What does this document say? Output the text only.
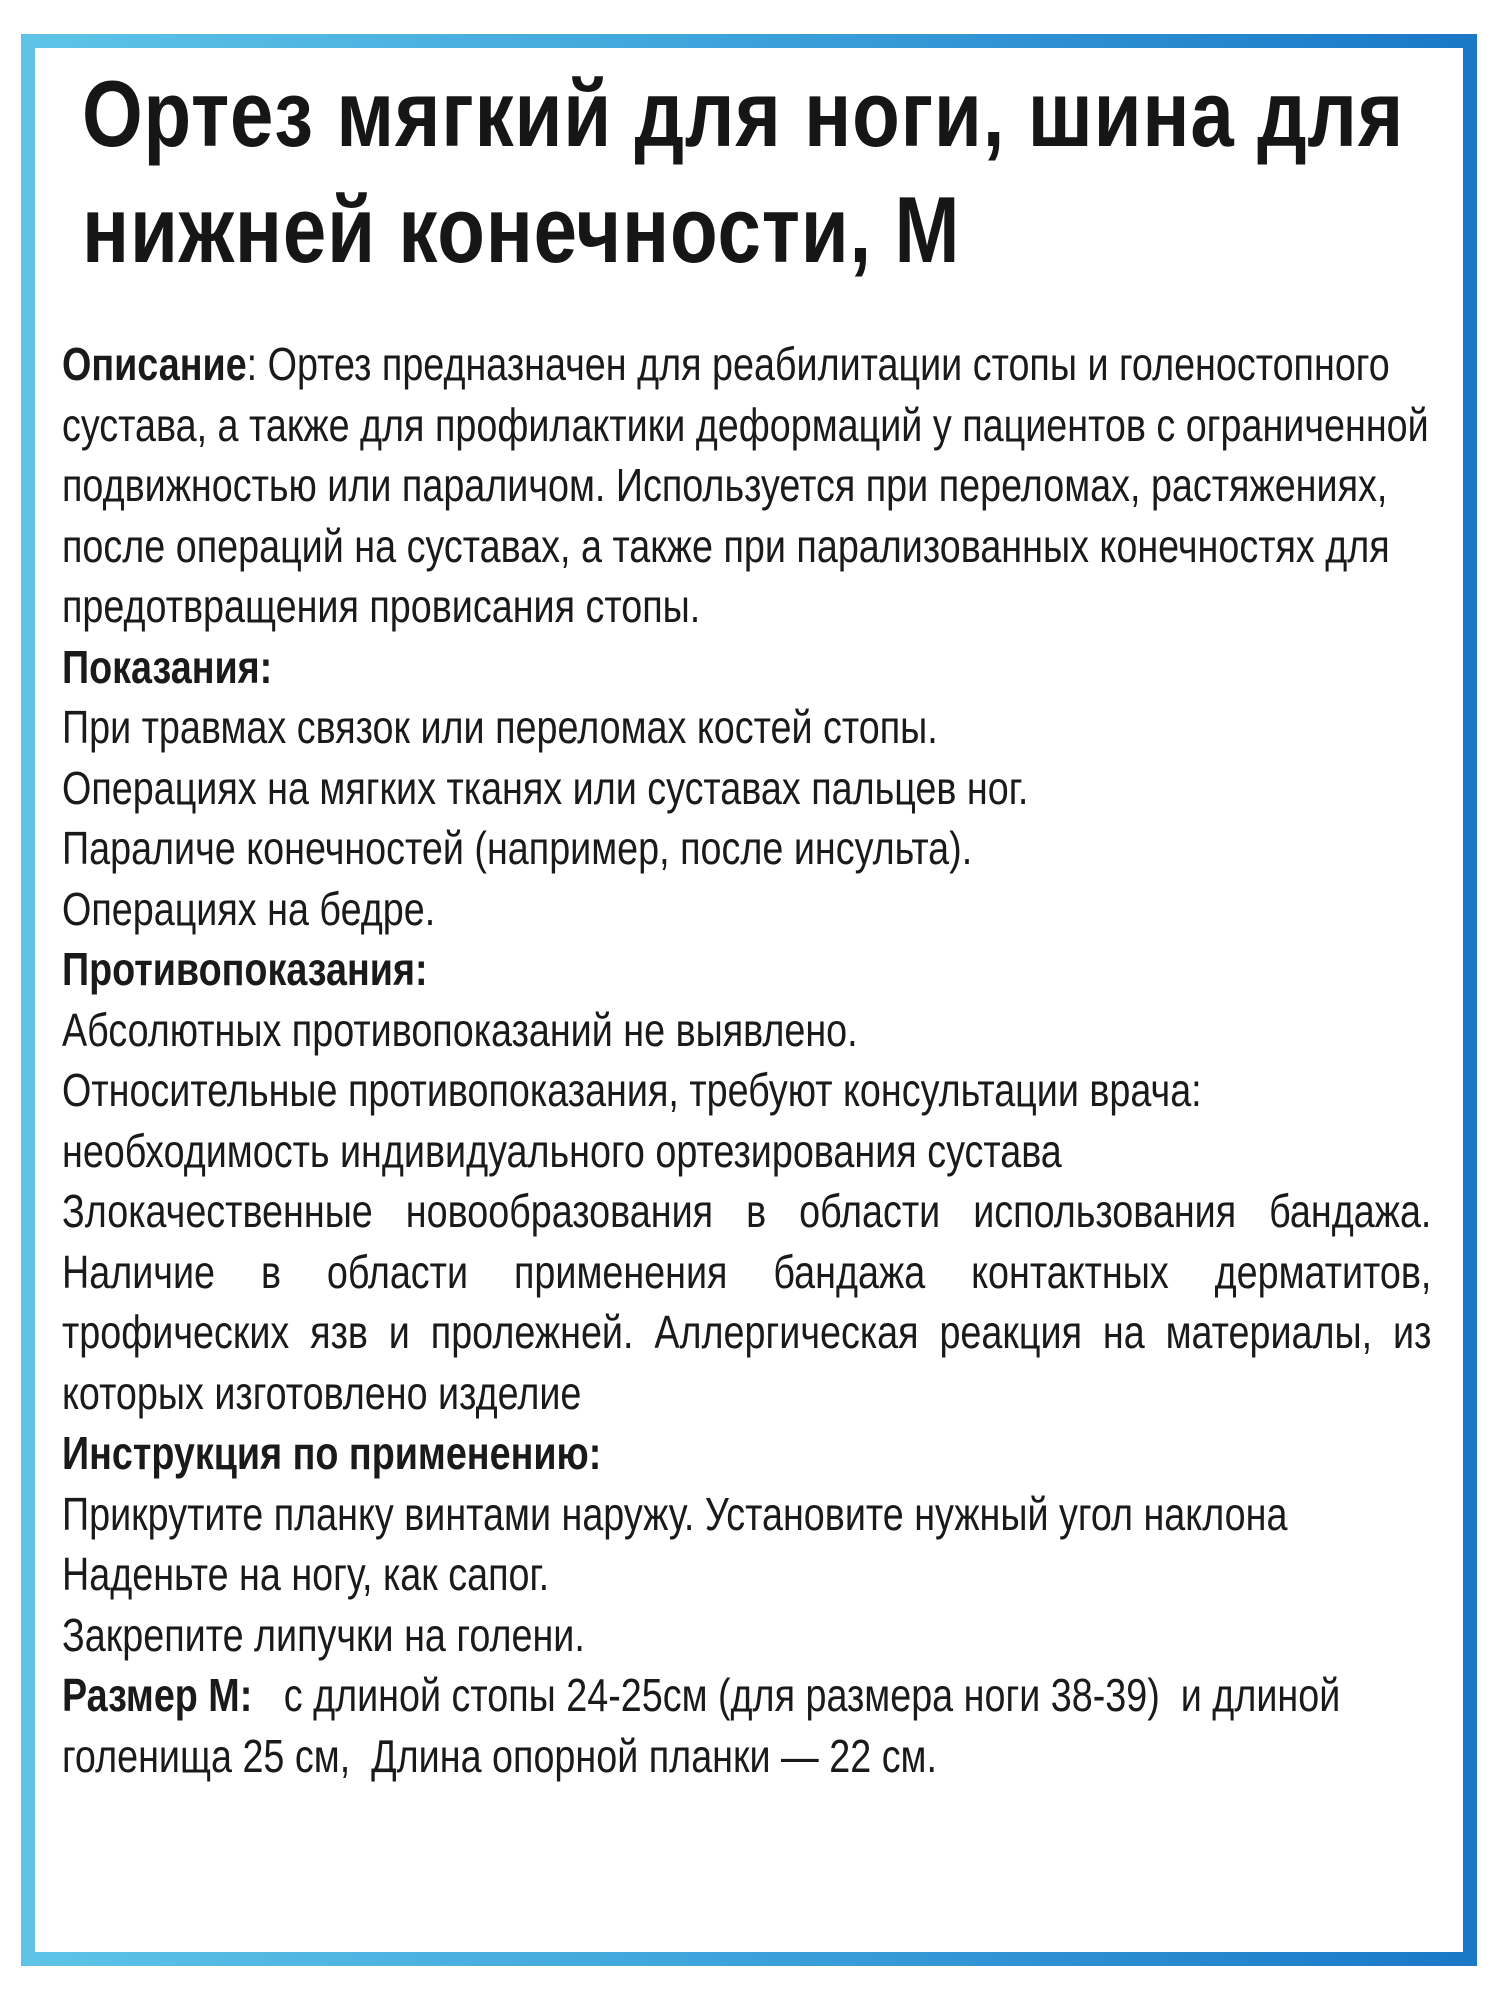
Ортез мягкий для ноги, шина для нижней конечности, М

Описание: Ортез предназначен для реабилитации стопы и голеностопного сустава, а также для профилактики деформаций у пациентов с ограниченной подвижностью или параличом. Используется при переломах, растяжениях, после операций на суставах, а также при парализованных конечностях для предотвращения провисания стопы.

Показания:

При травмах связок или переломах костей стопы.

Операциях на мягких тканях или суставах пальцев ног.

Параличе конечностей (например, после инсульта).

Операциях на бедре.

Противопоказания:

Абсолютных противопоказаний не выявлено.

Относительные противопоказания, требуют консультации врача: необходимость индивидуального ортезирования сустава

Злокачественные новообразования в области использования бандажа. Наличие в области применения бандажа контактных дерматитов, трофических язв и пролежней. Аллергическая реакция на материалы, из которых изготовлено изделие

Инструкция по применению:

Прикрутите планку винтами наружу. Установите нужный угол наклона

Наденьте на ногу, как сапог.

Закрепите липучки на голени.

Размер М:   с длиной стопы 24-25см (для размера ноги 38-39)  и длиной голенища 25 см,  Длина опорной планки — 22 см.
